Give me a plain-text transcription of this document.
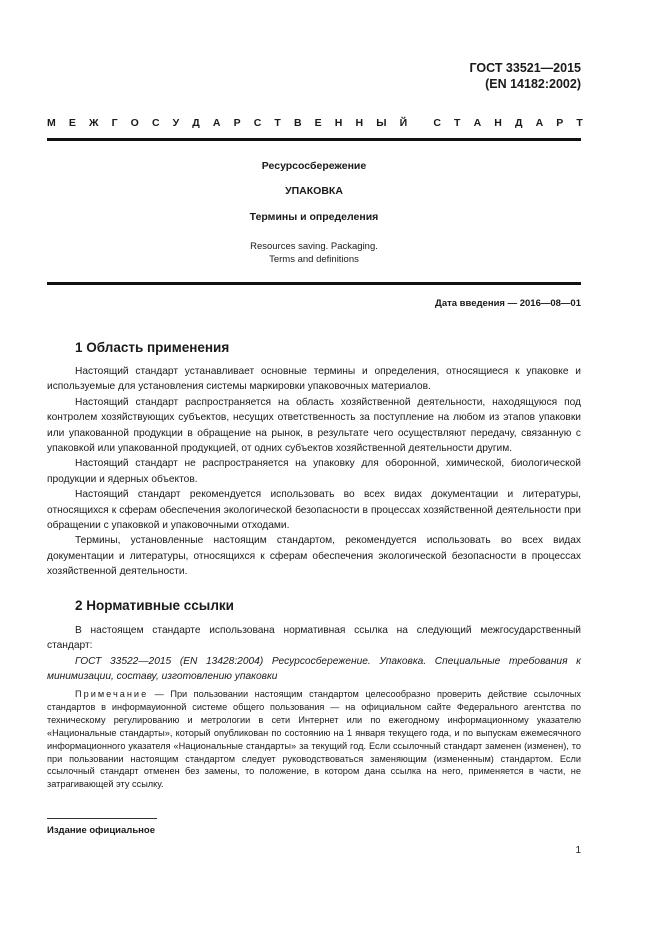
ГОСТ 33521—2015
(EN 14182:2002)
М Е Ж Г О С У Д А Р С Т В Е Н Н Ы Й С Т А Н Д А Р Т
Ресурсосбережение
УПАКОВКА
Термины и определения
Resources saving. Packaging.
Terms and definitions
Дата введения — 2016—08—01
1 Область применения

Настоящий стандарт устанавливает основные термины и определения, относящиеся к упаковке и используемые для установления системы маркировки упаковочных материалов.

Настоящий стандарт распространяется на область хозяйственной деятельности, находящуюся под контролем хозяйствующих субъектов, несущих ответственность за поступление на любом из этапов упаковки или упакованной продукции в обращение на рынок, в результате чего осуществляют передачу, связанную с упаковкой или упакованной продукцией, от одних субъектов хозяйственной деятельности другим.

Настоящий стандарт не распространяется на упаковку для оборонной, химической, биологической продукции и ядерных объектов.

Настоящий стандарт рекомендуется использовать во всех видах документации и литературы, относящихся к сферам обеспечения экологической безопасности в процессах хозяйственной деятельности при обращении с упаковкой и упаковочными отходами.

Термины, установленные настоящим стандартом, рекомендуется использовать во всех видах документации и литературы, относящихся к сферам обеспечения экологической безопасности в процессах хозяйственной деятельности.

2 Нормативные ссылки

В настоящем стандарте использована нормативная ссылка на следующий межгосударственный стандарт:

ГОСТ 33522—2015 (EN 13428:2004) Ресурсосбережение. Упаковка. Специальные требования к минимизации, составу, изготовлению упаковки

Примечание — При пользовании настоящим стандартом целесообразно проверить действие ссылочных стандартов в информауионной системе общего пользования — на официальном сайте Федерального агентства по техническому регулированию и метрологии в сети Интернет или по ежегодному информационному указателю «Национальные стандарты», который опубликован по состоянию на 1 января текущего года, и по выпускам ежемесячного информационного указателя «Национальные стандарты» за текущий год. Если ссылочный стандарт заменен (изменен), то при пользовании настоящим стандартом следует руководствоваться заменяющим (измененным) стандартом. Если ссылочный стандарт отменен без замены, то положение, в котором дана ссылка на него, применяется в части, не затрагивающей эту ссылку.

Издание официальное
1
